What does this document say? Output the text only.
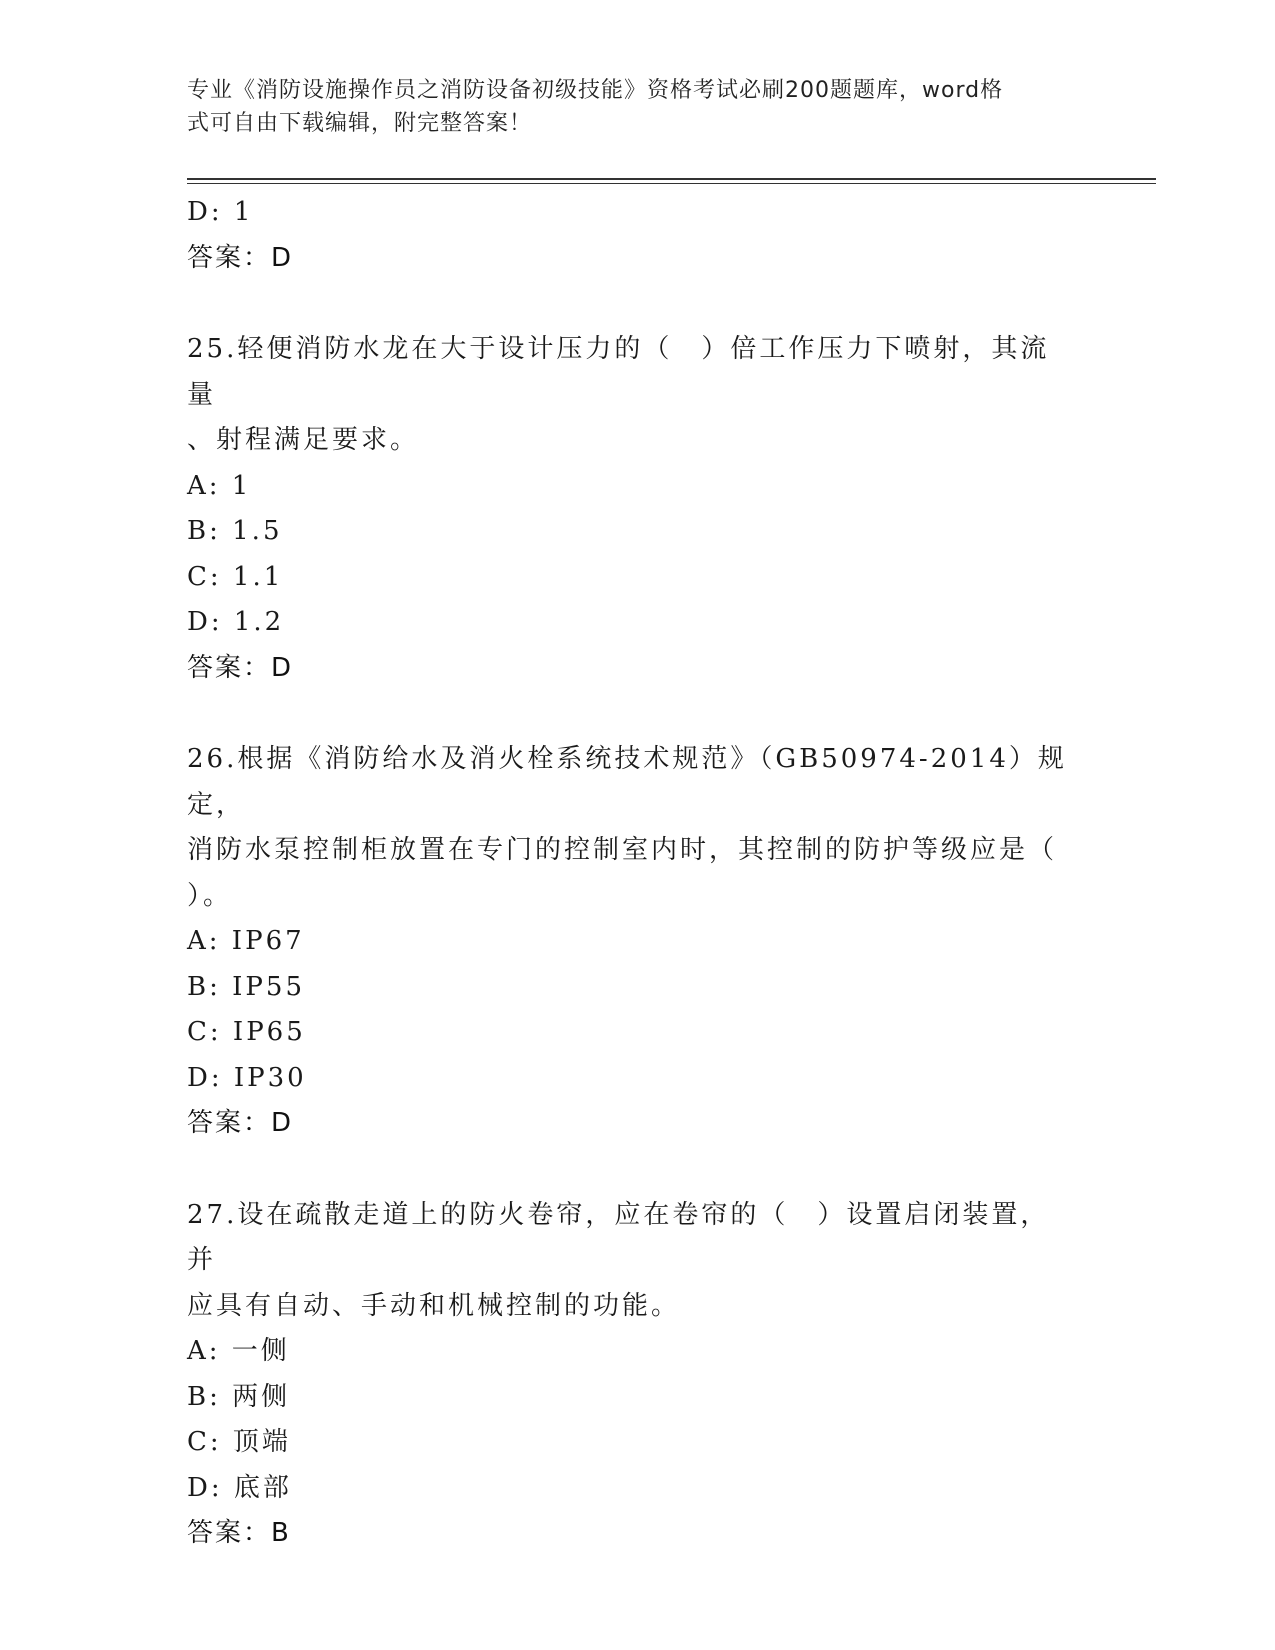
专业《消防设施操作员之消防设备初级技能》资格考试必刷200题题库，word格
式可自由下载编辑，附完整答案！
D: 1
答案：D
25.轻便消防水龙在大于设计压力的（　）倍工作压力下喷射，其流量
、射程满足要求。
A: 1
B: 1.5
C: 1.1
D: 1.2
答案：D
26.根据《消防给水及消火栓系统技术规范》（GB50974-2014）规定，
消防水泵控制柜放置在专门的控制室内时，其控制的防护等级应是（
）。
A: IP67
B: IP55
C: IP65
D: IP30
答案：D
27.设在疏散走道上的防火卷帘，应在卷帘的（　）设置启闭装置，并
应具有自动、手动和机械控制的功能。
A: 一侧
B: 两侧
C: 顶端
D: 底部
答案：B
